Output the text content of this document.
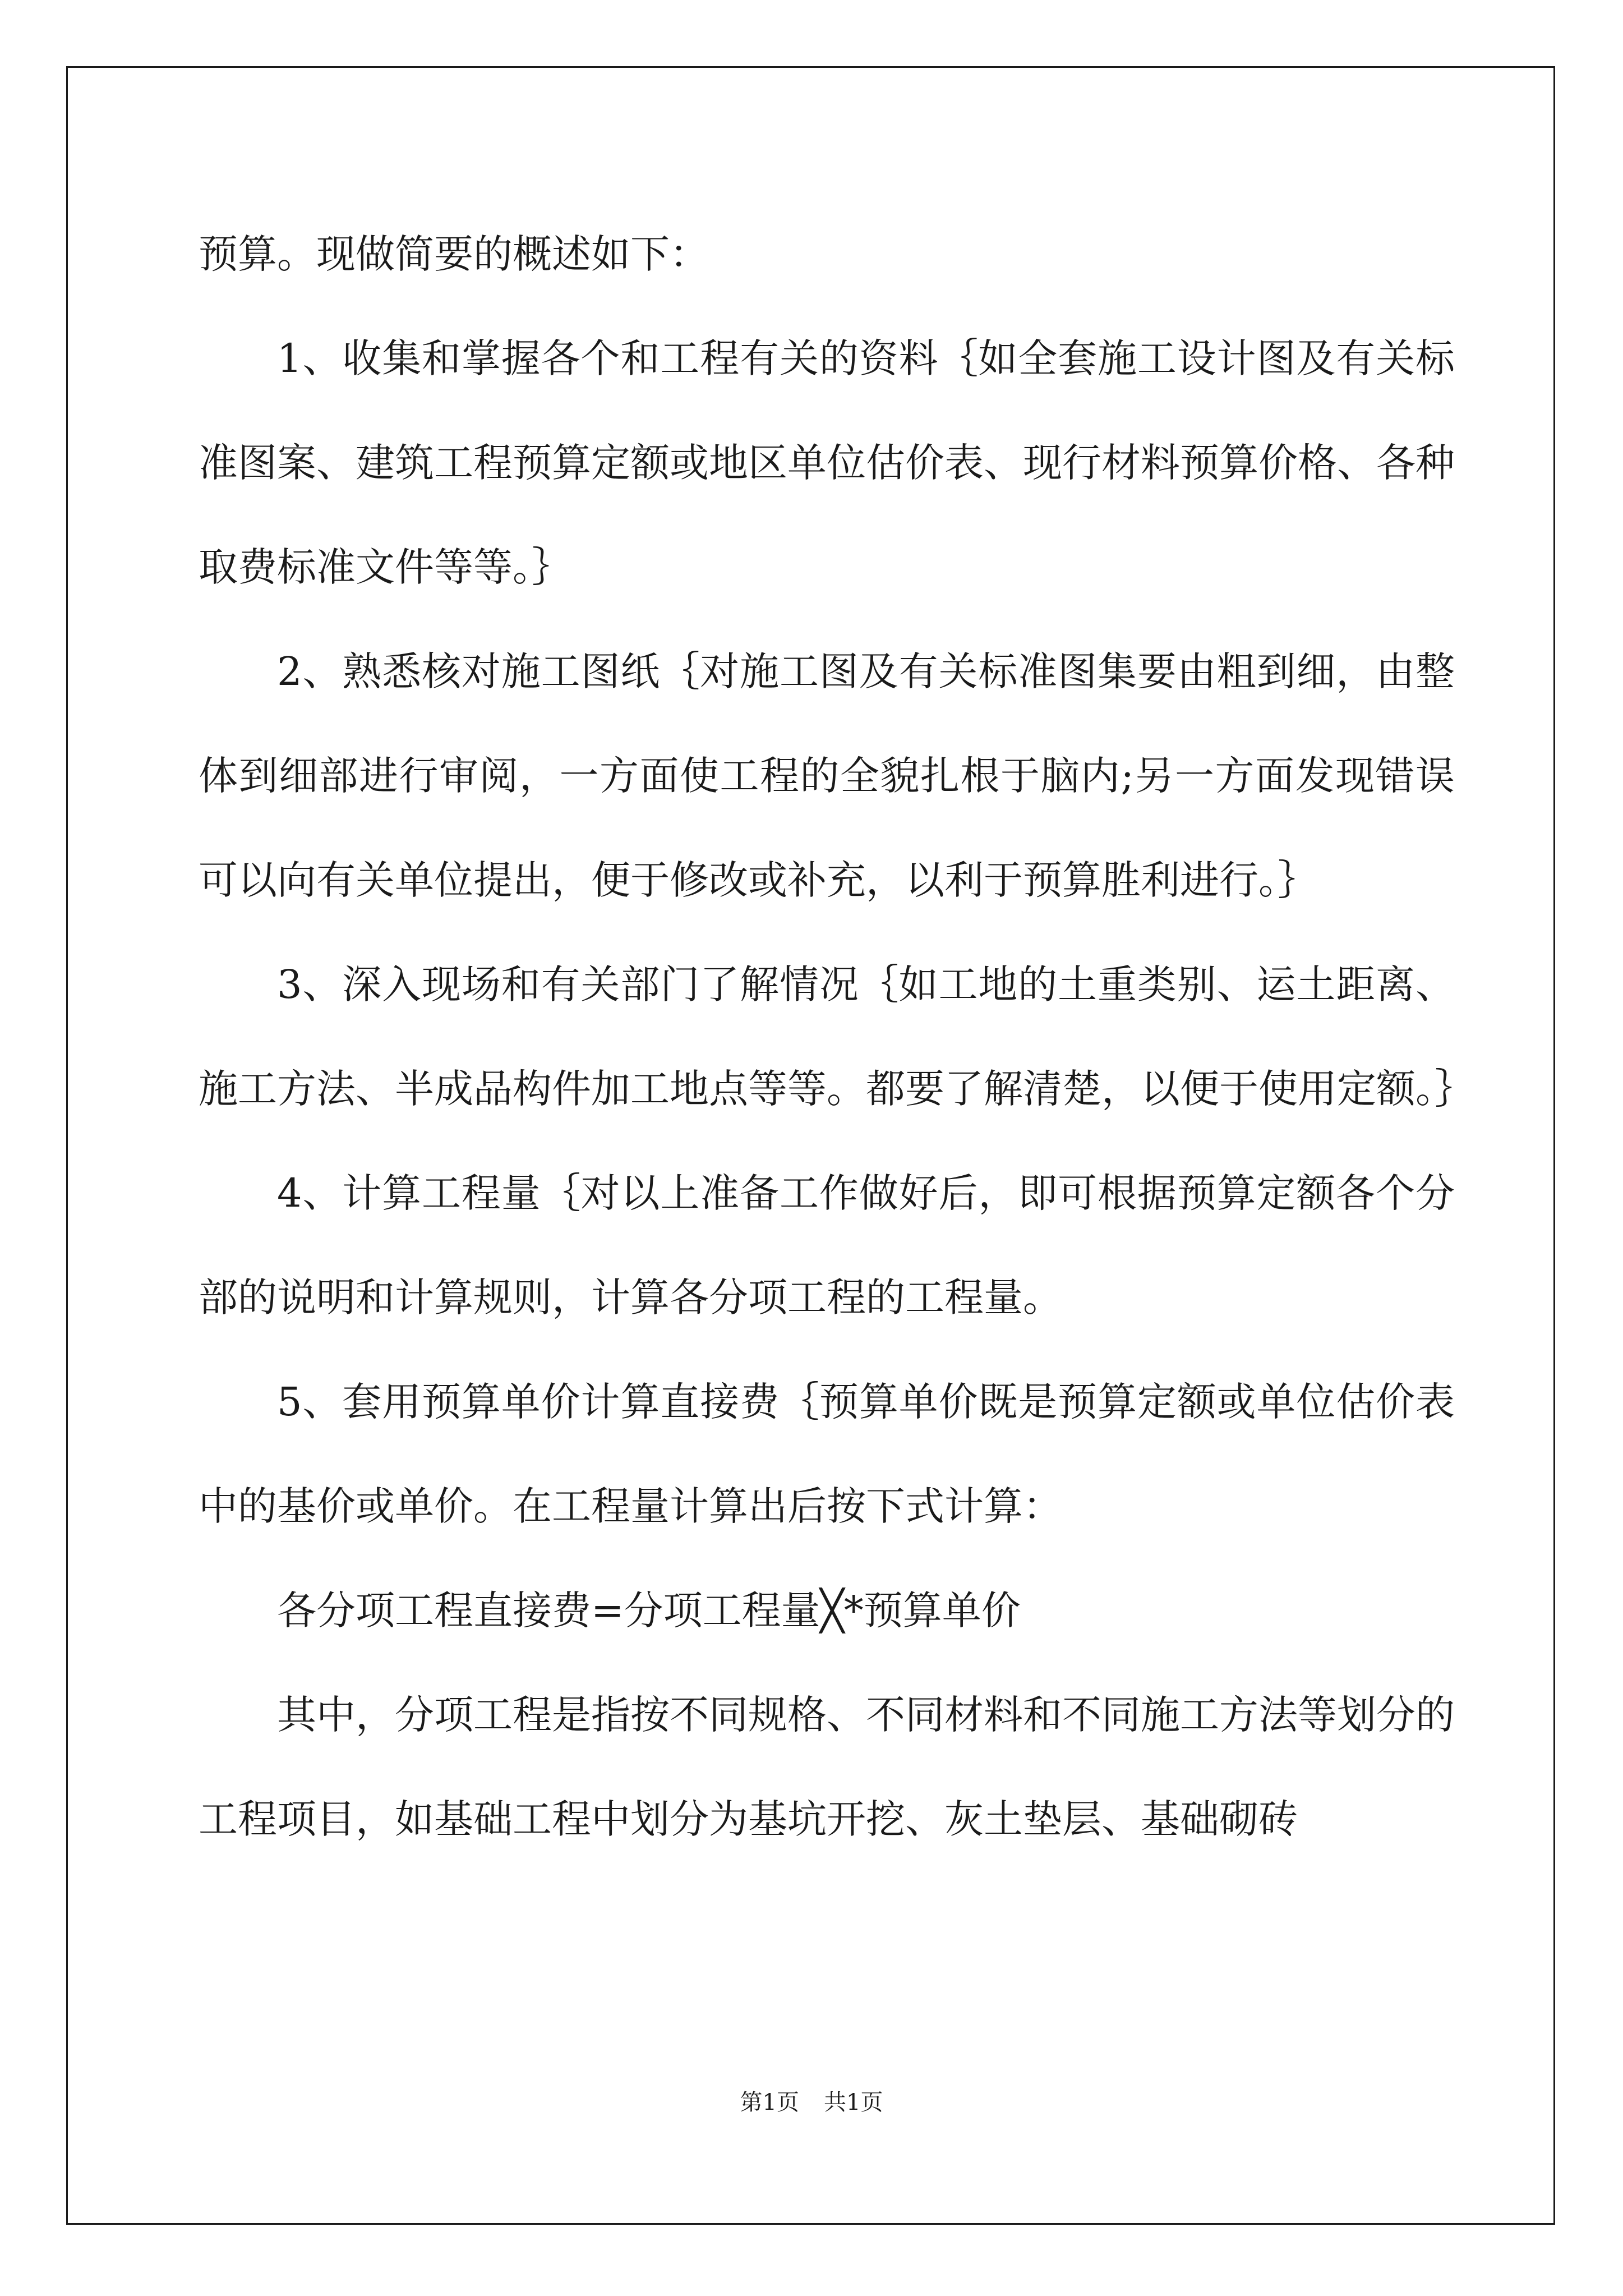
预算。现做简要的概述如下：

1、收集和掌握各个和工程有关的资料｛如全套施工设计图及有关标准图案、建筑工程预算定额或地区单位估价表、现行材料预算价格、各种取费标准文件等等。｝

2、熟悉核对施工图纸｛对施工图及有关标准图集要由粗到细，由整体到细部进行审阅，一方面使工程的全貌扎根于脑内;另一方面发现错误可以向有关单位提出，便于修改或补充，以利于预算胜利进行。｝

3、深入现场和有关部门了解情况｛如工地的土重类别、运土距离、施工方法、半成品构件加工地点等等。都要了解清楚，以便于使用定额。｝

4、计算工程量｛对以上准备工作做好后，即可根据预算定额各个分部的说明和计算规则，计算各分项工程的工程量。

5、套用预算单价计算直接费｛预算单价既是预算定额或单位估价表中的基价或单价。在工程量计算出后按下式计算：

各分项工程直接费=分项工程量╳*预算单价

其中，分项工程是指按不同规格、不同材料和不同施工方法等划分的工程项目，如基础工程中划分为基坑开挖、灰土垫层、基础砌砖

第1页 共1页
